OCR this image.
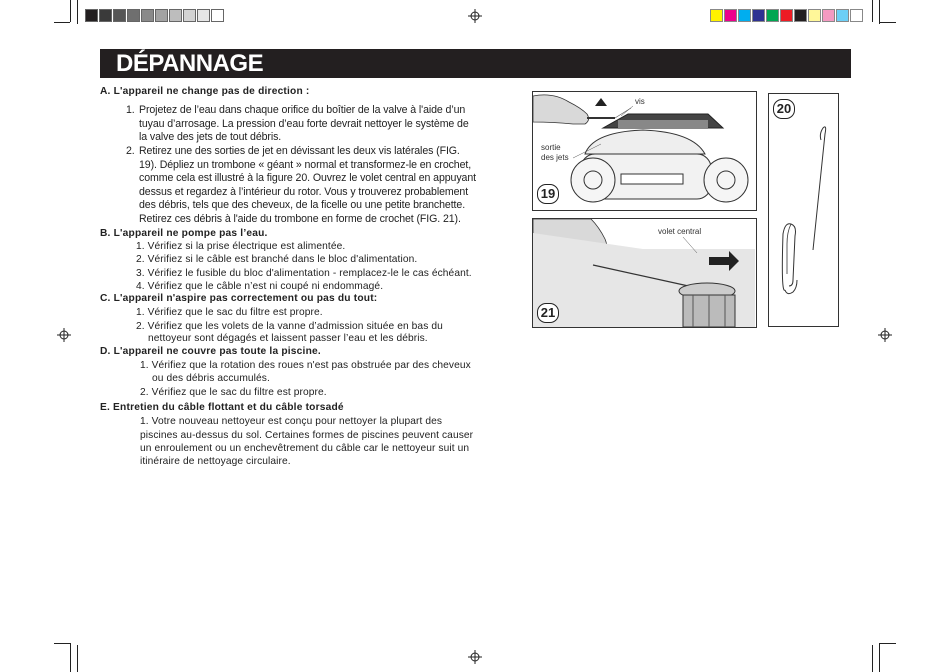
DÉPANNAGE
A. L'appareil ne change pas de direction :
1. Projetez de l’eau dans chaque orifice du boîtier de la valve à l'aide d’un
tuyau d’arrosage. La pression d’eau forte devrait nettoyer le système de
la valve des jets de tout débris.
2. Retirez une des sorties de jet en dévissant les deux vis latérales (FIG.
19). Dépliez un trombone « géant » normal et transformez-le en crochet,
comme cela est illustré à la figure 20. Ouvrez le volet central en appuyant
dessus et regardez à l’intérieur du rotor. Vous y trouverez probablement
des débris, tels que des cheveux, de la ficelle ou une petite branchette.
Retirez ces débris à l'aide du trombone en forme de crochet (FIG. 21).
B. L'appareil ne pompe pas l’eau.
1. Vérifiez si la prise électrique est alimentée.
2. Vérifiez si le câble est branché dans le bloc d'alimentation.
3. Vérifiez le fusible du bloc d'alimentation - remplacez-le le cas échéant.
4. Vérifiez que le câble n’est ni coupé ni endommagé.
C. L'appareil n'aspire pas correctement ou pas du tout:
1. Vérifiez que le sac du filtre est propre.
2. Vérifiez que les volets de la vanne d’admission située en bas du
nettoyeur sont dégagés et laissent passer l’eau et les débris.
D. L'appareil ne couvre pas toute la piscine.
1. Vérifiez que la rotation des roues n'est pas obstruée par des cheveux
ou des débris accumulés.
2. Vérifiez que le sac du filtre est propre.
E. Entretien du câble flottant et du câble torsadé
1. Votre nouveau nettoyeur est conçu pour nettoyer la plupart des
piscines au-dessus du sol. Certaines formes de piscines peuvent causer
un enroulement ou un enchevêtrement du câble car le nettoyeur suit un
itinéraire de nettoyage circulaire.
vis
sortie
des jets
19
20
volet central
21
